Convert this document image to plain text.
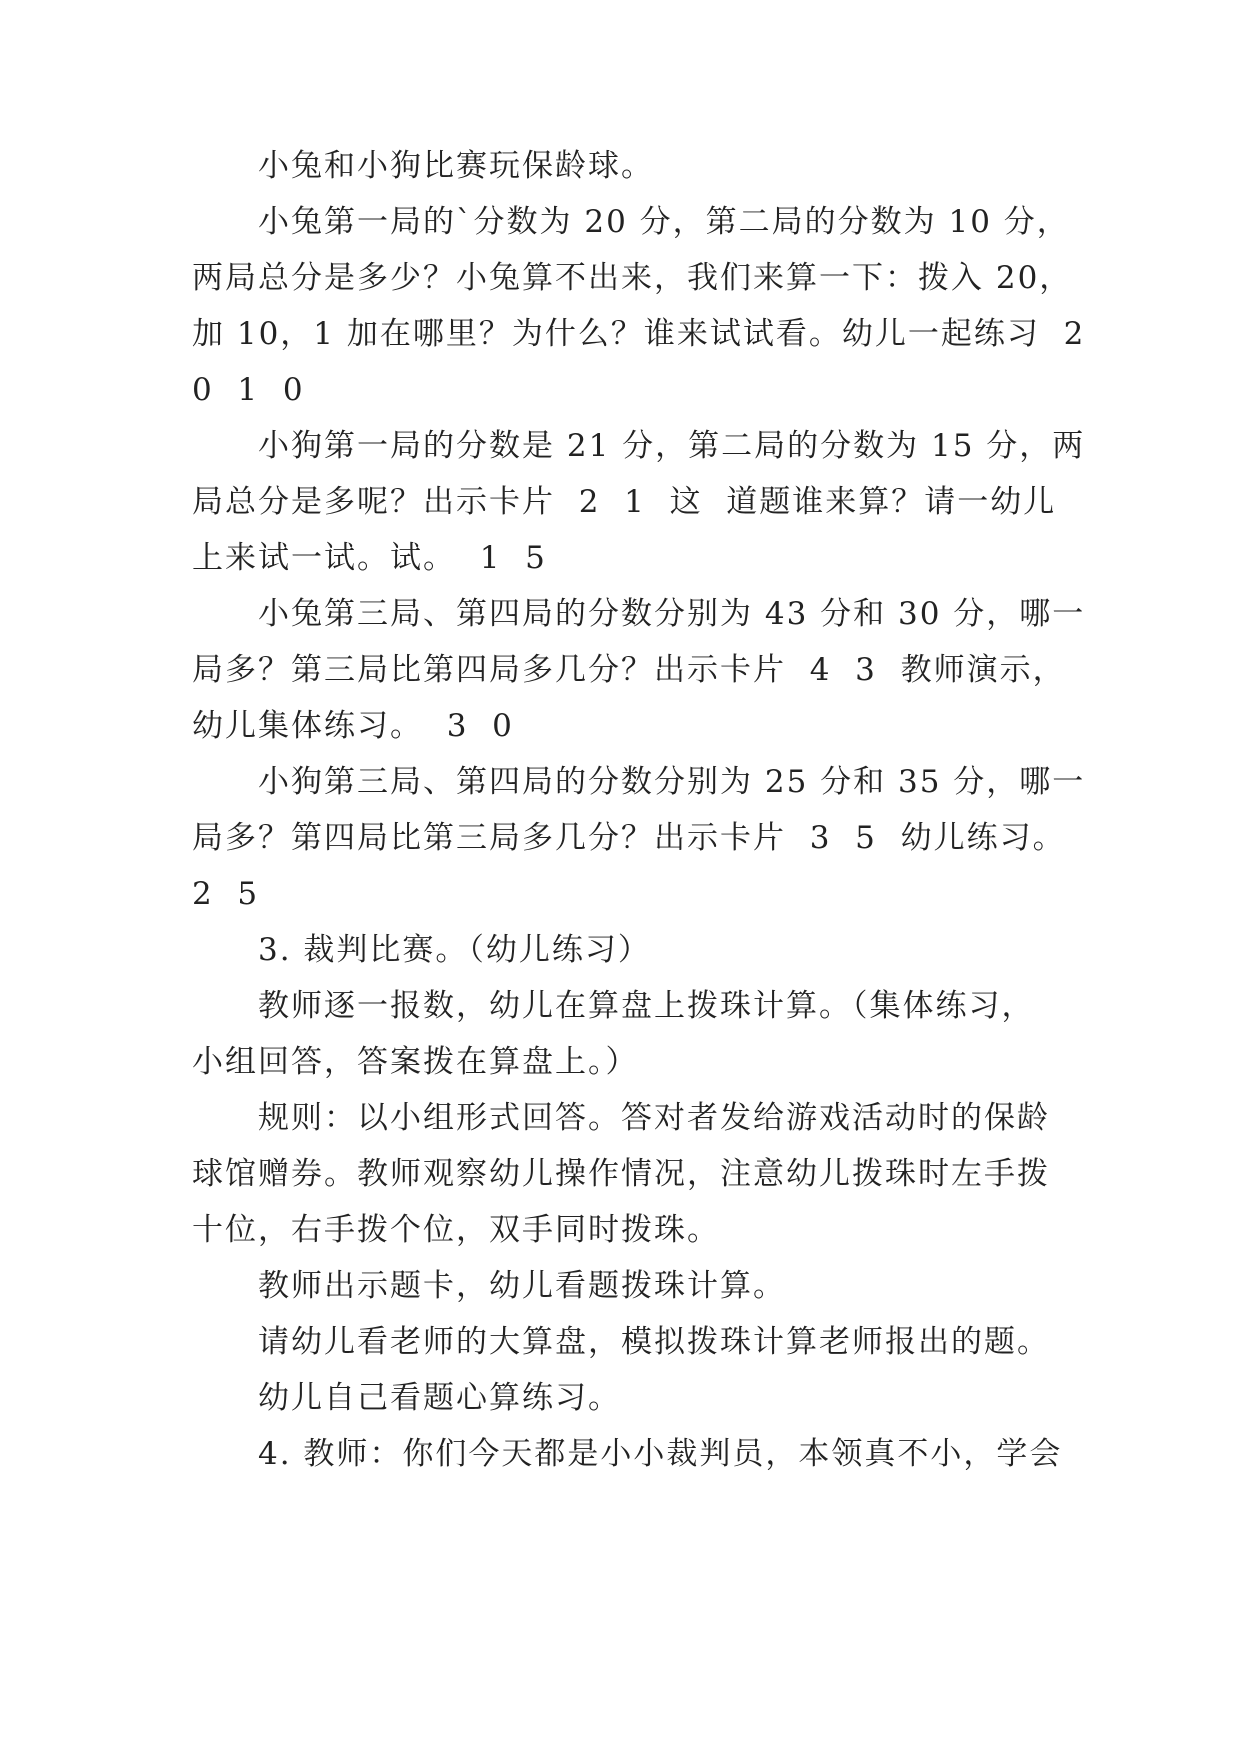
小兔和小狗比赛玩保龄球。
小兔第一局的`分数为 20 分，第二局的分数为 10 分，
两局总分是多少？小兔算不出来，我们来算一下：拨入 20，
加 10，1 加在哪里？为什么？谁来试试看。幼儿一起练习  2
0  1  0
小狗第一局的分数是 21 分，第二局的分数为 15 分，两
局总分是多呢？出示卡片  2  1  这  道题谁来算？请一幼儿
上来试一试。试。  1  5
小兔第三局、第四局的分数分别为 43 分和 30 分，哪一
局多？第三局比第四局多几分？出示卡片  4  3  教师演示，
幼儿集体练习。  3  0
小狗第三局、第四局的分数分别为 25 分和 35 分，哪一
局多？第四局比第三局多几分？出示卡片  3  5  幼儿练习。
2  5
3. 裁判比赛。（幼儿练习）
教师逐一报数，幼儿在算盘上拨珠计算。（集体练习，
小组回答，答案拨在算盘上。）
规则：以小组形式回答。答对者发给游戏活动时的保龄
球馆赠券。教师观察幼儿操作情况，注意幼儿拨珠时左手拨
十位，右手拨个位，双手同时拨珠。
教师出示题卡，幼儿看题拨珠计算。
请幼儿看老师的大算盘，模拟拨珠计算老师报出的题。
幼儿自己看题心算练习。
4. 教师：你们今天都是小小裁判员，本领真不小，学会
